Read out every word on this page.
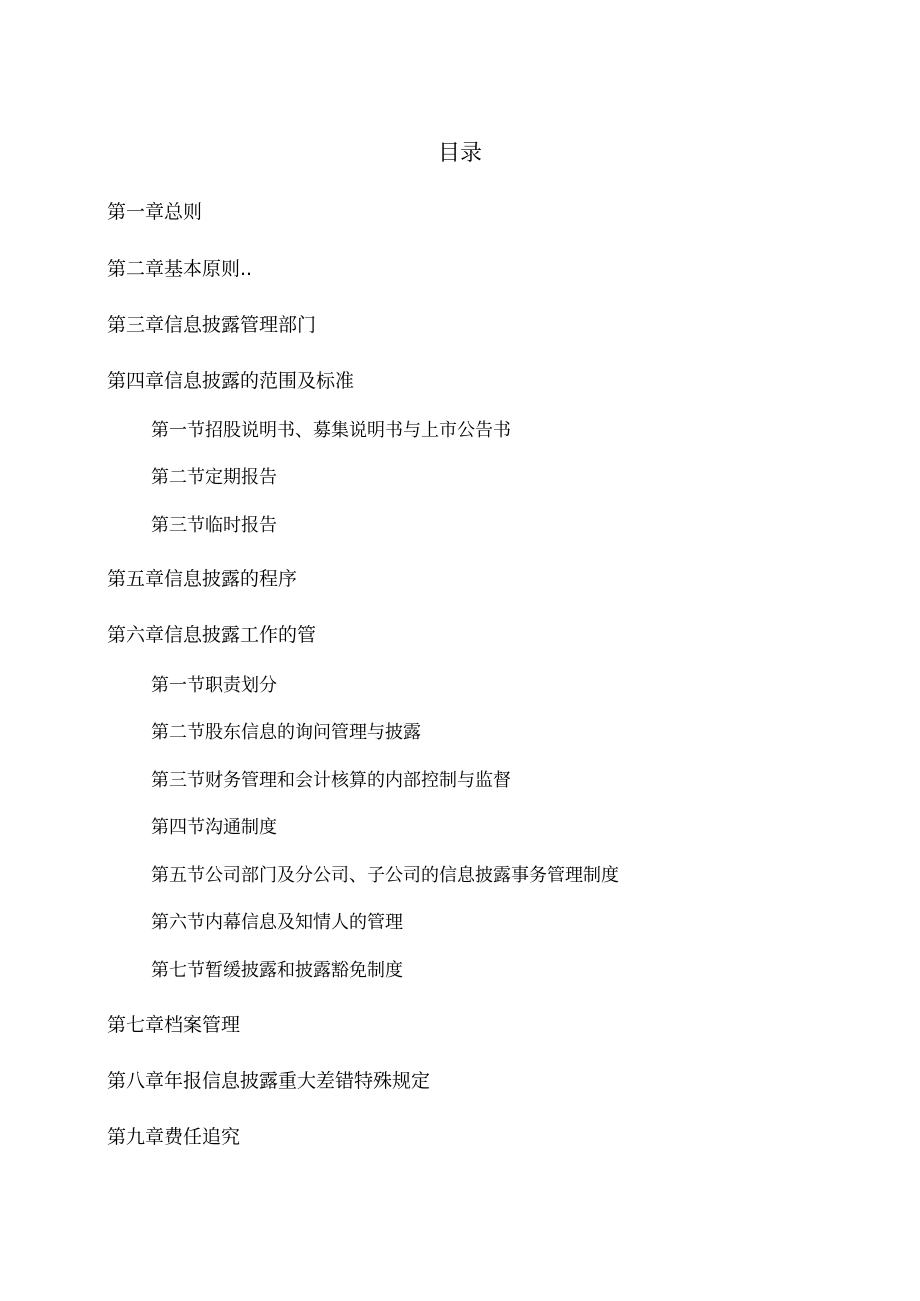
目录
第一章总则
第二章基本原则..
第三章信息披露管理部门
第四章信息披露的范围及标准
第一节招股说明书、募集说明书与上市公告书
第二节定期报告
第三节临时报告
第五章信息披露的程序
第六章信息披露工作的管
第一节职责划分
第二节股东信息的询问管理与披露
第三节财务管理和会计核算的内部控制与监督
第四节沟通制度
第五节公司部门及分公司、子公司的信息披露事务管理制度
第六节内幕信息及知情人的管理
第七节暂缓披露和披露豁免制度
第七章档案管理
第八章年报信息披露重大差错特殊规定
第九章费任追究
